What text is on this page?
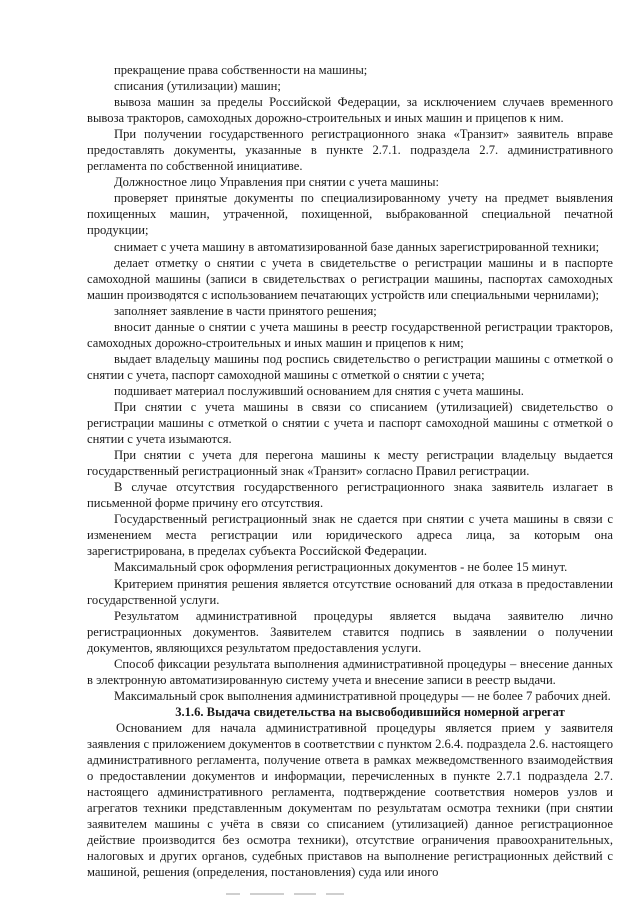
прекращение права собственности на машины;

списания (утилизации) машин;

вывоза машин за пределы Российской Федерации, за исключением случаев временного вывоза тракторов, самоходных дорожно-строительных и иных машин и прицепов к ним.

При получении государственного регистрационного знака «Транзит» заявитель вправе предоставлять документы, указанные в пункте 2.7.1. подраздела 2.7. административного регламента по собственной инициативе.

Должностное лицо Управления при снятии с учета машины:

проверяет принятые документы по специализированному учету на предмет выявления похищенных машин, утраченной, похищенной, выбракованной специальной печатной продукции;

снимает с учета машину в автоматизированной базе данных зарегистрированной техники;

делает отметку о снятии с учета в свидетельстве о регистрации машины и в паспорте самоходной машины (записи в свидетельствах о регистрации машины, паспортах самоходных машин производятся с использованием печатающих устройств или специальными чернилами);

заполняет заявление в части принятого решения;

вносит данные о снятии с учета машины в реестр государственной регистрации тракторов, самоходных дорожно-строительных и иных машин и прицепов к ним;

выдает владельцу машины под роспись свидетельство о регистрации машины с отметкой о снятии с учета, паспорт самоходной машины с отметкой о снятии с учета;

подшивает материал послуживший основанием для снятия с учета машины.

При снятии с учета машины в связи со списанием (утилизацией) свидетельство о регистрации машины с отметкой о снятии с учета и паспорт самоходной машины с отметкой о снятии с учета изымаются.

При снятии с учета для перегона машины к месту регистрации владельцу выдается государственный регистрационный знак «Транзит» согласно Правил регистрации.

В случае отсутствия государственного регистрационного знака заявитель излагает в письменной форме причину его отсутствия.

Государственный регистрационный знак не сдается при снятии с учета машины в связи с изменением места регистрации или юридического адреса лица, за которым она зарегистрирована, в пределах субъекта Российской Федерации.

Максимальный срок оформления регистрационных документов - не более 15 минут.

Критерием принятия решения является отсутствие оснований для отказа в предоставлении государственной услуги.

Результатом административной процедуры является выдача заявителю лично регистрационных документов. Заявителем ставится подпись в заявлении о получении документов, являющихся результатом предоставления услуги.

Способ фиксации результата выполнения административной процедуры – внесение данных в электронную автоматизированную систему учета и внесение записи в реестр выдачи.

Максимальный срок выполнения административной процедуры — не более 7 рабочих дней.

3.1.6. Выдача свидетельства на высвободившийся номерной агрегат

Основанием для начала административной процедуры является прием у заявителя заявления с приложением документов в соответствии с пунктом 2.6.4. подраздела 2.6. настоящего административного регламента, получение ответа в рамках межведомственного взаимодействия о предоставлении документов и информации, перечисленных в пункте 2.7.1 подраздела 2.7. настоящего административного регламента, подтверждение соответствия номеров узлов и агрегатов техники представленным документам по результатам осмотра техники (при снятии заявителем машины с учёта в связи со списанием (утилизацией) данное регистрационное действие производится без осмотра техники), отсутствие ограничения правоохранительных, налоговых и других органов, судебных приставов на выполнение регистрационных действий с машиной, решения (определения, постановления) суда или иного
